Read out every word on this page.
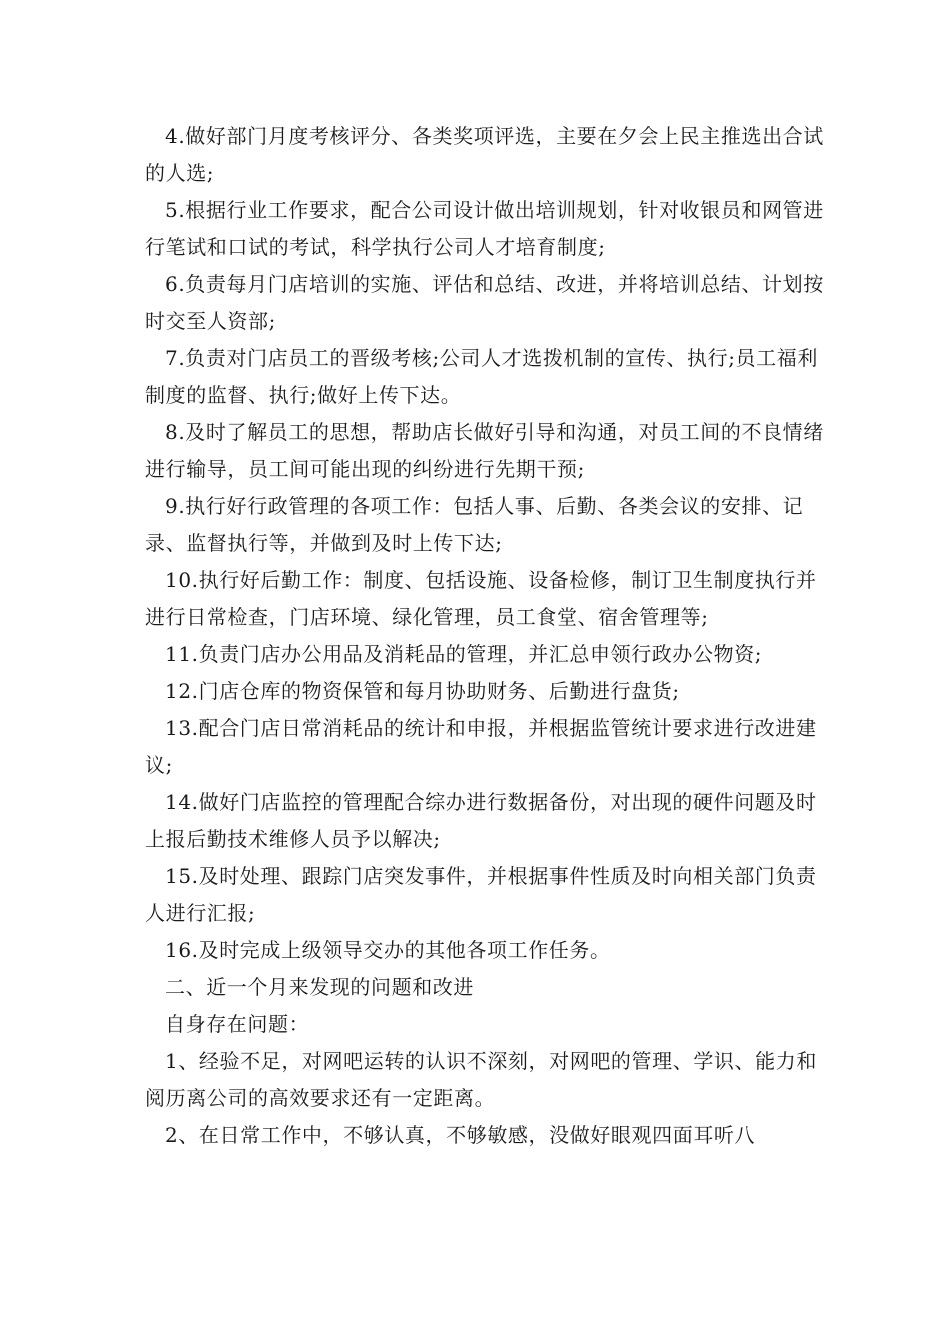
4.做好部门月度考核评分、各类奖项评选，主要在夕会上民主推选出合试的人选;

5.根据行业工作要求，配合公司设计做出培训规划，针对收银员和网管进行笔试和口试的考试，科学执行公司人才培育制度;

6.负责每月门店培训的实施、评估和总结、改进，并将培训总结、计划按时交至人资部;

7.负责对门店员工的晋级考核;公司人才选拨机制的宣传、执行;员工福利制度的监督、执行;做好上传下达。

8.及时了解员工的思想，帮助店长做好引导和沟通，对员工间的不良情绪进行输导，员工间可能出现的纠纷进行先期干预;

9.执行好行政管理的各项工作：包括人事、后勤、各类会议的安排、记录、监督执行等，并做到及时上传下达;

10.执行好后勤工作：制度、包括设施、设备检修，制订卫生制度执行并进行日常检查，门店环境、绿化管理，员工食堂、宿舍管理等;

11.负责门店办公用品及消耗品的管理，并汇总申领行政办公物资;

12.门店仓库的物资保管和每月协助财务、后勤进行盘货;

13.配合门店日常消耗品的统计和申报，并根据监管统计要求进行改进建议;

14.做好门店监控的管理配合综办进行数据备份，对出现的硬件问题及时上报后勤技术维修人员予以解决;

15.及时处理、跟踪门店突发事件，并根据事件性质及时向相关部门负责人进行汇报;

16.及时完成上级领导交办的其他各项工作任务。

二、近一个月来发现的问题和改进

自身存在问题：

1、经验不足，对网吧运转的认识不深刻，对网吧的管理、学识、能力和阅历离公司的高效要求还有一定距离。

2、在日常工作中，不够认真，不够敏感，没做好眼观四面耳听八
